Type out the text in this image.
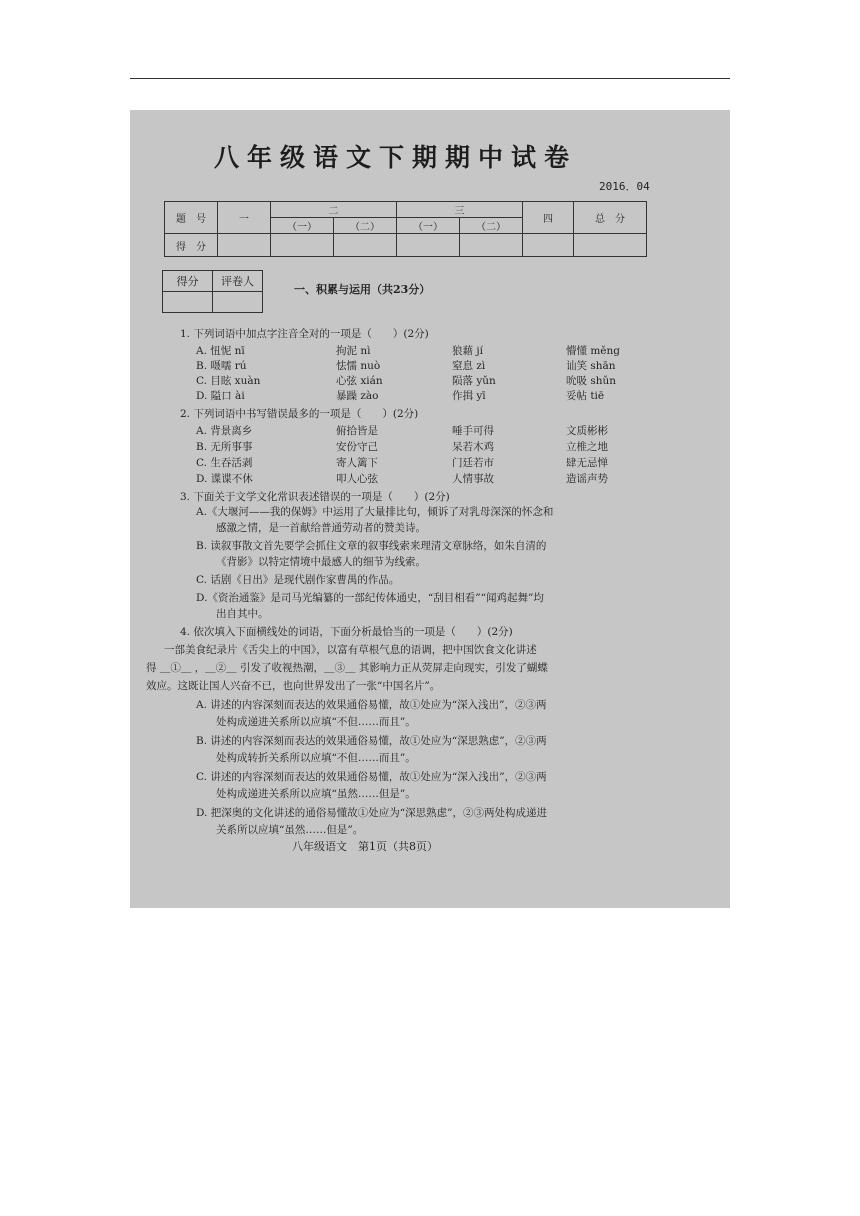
八年级语文下期期中试卷
2016．04
题　号	一	二		三		四	总　分
		（一）	（二）	（一）	（二）		
得　分							
得分	评卷人

一、积累与运用（共23分）
1. 下列词语中加点字注音全对的一项是（　　）(2分)
A. 忸怩 nī	拘泥 nì	狼藉 jí	懵懂 měng
B. 嗫嚅 rú	怯懦 nuò	窒息 zì	讪笑 shān
C. 目眩 xuàn	心弦 xián	陨落 yǔn	吮吸 shǔn
D. 隘口 ài	暴躁 zào	作揖 yī	妥帖 tiē
2. 下列词语中书写错误最多的一项是（　　）(2分)
A. 背景离乡	俯拾皆是	唾手可得	文质彬彬
B. 无所事事	安份守己	呆若木鸡	立椎之地
C. 生吞活剥	寄人篱下	门廷若市	肆无忌惮
D. 谍谍不休	叩人心弦	人情事故	造谣声势
3. 下面关于文学文化常识表述错误的一项是（　　）(2分)
A.《大堰河——我的保姆》中运用了大量排比句，倾诉了对乳母深深的怀念和
感激之情，是一首献给普通劳动者的赞美诗。
B. 读叙事散文首先要学会抓住文章的叙事线索来理清文章脉络，如朱自清的
《背影》以特定情境中最感人的细节为线索。
C. 话剧《日出》是现代剧作家曹禺的作品。
D.《资治通鉴》是司马光编纂的一部纪传体通史，“刮目相看”“闻鸡起舞”均
出自其中。
4. 依次填入下面横线处的词语，下面分析最恰当的一项是（　　）(2分)
一部美食纪录片《舌尖上的中国》，以富有草根气息的语调，把中国饮食文化讲述
得 ＿①＿ ，＿②＿ 引发了收视热潮，＿③＿ 其影响力正从荧屏走向现实，引发了蝴蝶
效应。这既让国人兴奋不已，也向世界发出了一张“中国名片”。
A. 讲述的内容深刻而表达的效果通俗易懂，故①处应为“深入浅出”，②③两
处构成递进关系所以应填“不但……而且”。
B. 讲述的内容深刻而表达的效果通俗易懂，故①处应为“深思熟虑”，②③两
处构成转折关系所以应填“不但……而且”。
C. 讲述的内容深刻而表达的效果通俗易懂，故①处应为“深入浅出”，②③两
处构成递进关系所以应填“虽然……但是”。
D. 把深奥的文化讲述的通俗易懂故①处应为“深思熟虑”，②③两处构成递进
关系所以应填“虽然……但是”。
八年级语文　第1页（共8页）
